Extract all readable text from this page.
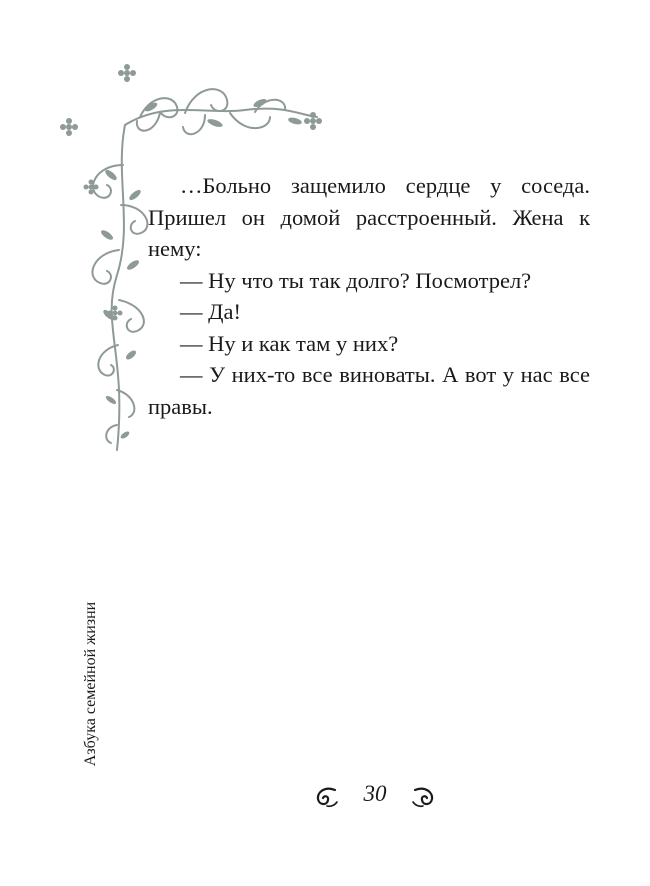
…Больно защемило сердце у соседа. Пришел он домой расстроенный. Жена к нему:

— Ну что ты так долго? Посмотрел?

— Да!

— Ну и как там у них?

— У них-то все виноваты. А вот у нас все правы.

Азбука семейной жизни
30
